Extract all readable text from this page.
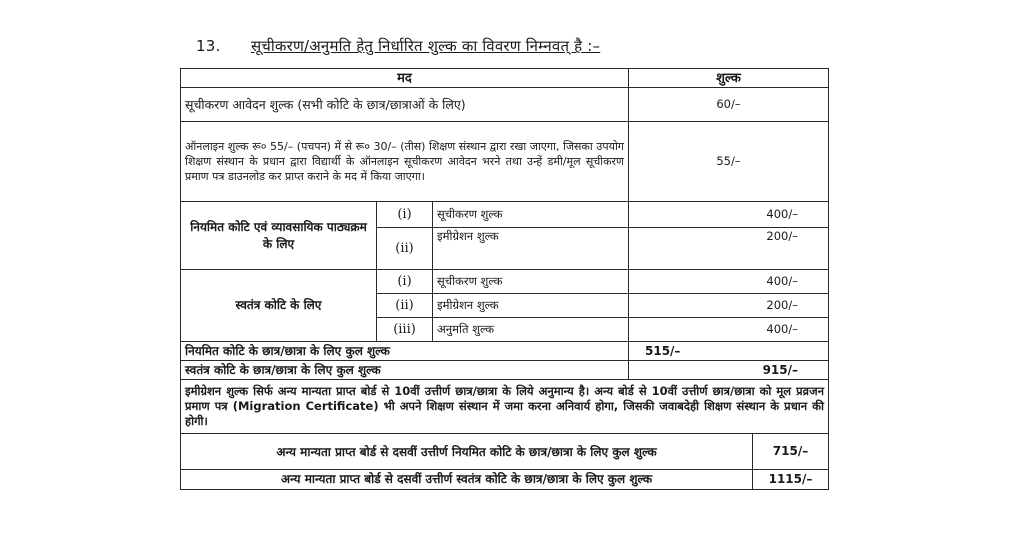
13. सूचीकरण/अनुमति हेतु निर्धारित शुल्क का विवरण निम्नवत् है :–
मद			शुल्क	
सूचीकरण आवेदन शुल्क (सभी कोटि के छात्र/छात्राओं के लिए)			60/–	
ऑनलाइन शुल्क रू० 55/– (पचपन) में से रू० 30/– (तीस) शिक्षण संस्थान द्वारा रखा जाएगा, जिसका उपयोग शिक्षण संस्थान के प्रधान द्वारा विद्यार्थी के ऑनलाइन सूचीकरण आवेदन भरने तथा उन्हें डमी/मूल सूचीकरण प्रमाण पत्र डाउनलोड कर प्राप्त कराने के मद में किया जाएगा।			55/–	
नियमित कोटि एवं व्यावसायिक पाठ्यक्रम के लिए	(i)	सूचीकरण शुल्क	400/–	
	(ii)	इमीग्रेशन शुल्क	200/–	
स्वतंत्र कोटि के लिए	(i)	सूचीकरण शुल्क	400/–	
	(ii)	इमीग्रेशन शुल्क	200/–	
	(iii)	अनुमति शुल्क	400/–	
नियमित कोटि के छात्र/छात्रा के लिए कुल शुल्क			515/–	
स्वतंत्र कोटि के छात्र/छात्रा के लिए कुल शुल्क			915/–	
इमीग्रेशन शुल्क सिर्फ अन्य मान्यता प्राप्त बोर्ड से 10वीं उत्तीर्ण छात्र/छात्रा के लिये अनुमान्य है। अन्य बोर्ड से 10वीं उत्तीर्ण छात्र/छात्रा को मूल प्रव्रजन प्रमाण पत्र (Migration Certificate) भी अपने शिक्षण संस्थान में जमा करना अनिवार्य होगा, जिसकी जवाबदेही शिक्षण संस्थान के प्रधान की होगी।				
अन्य मान्यता प्राप्त बोर्ड से दसवीं उत्तीर्ण नियमित कोटि के छात्र/छात्रा के लिए कुल शुल्क				715/–
अन्य मान्यता प्राप्त बोर्ड से दसवीं उत्तीर्ण स्वतंत्र कोटि के छात्र/छात्रा के लिए कुल शुल्क				1115/–
